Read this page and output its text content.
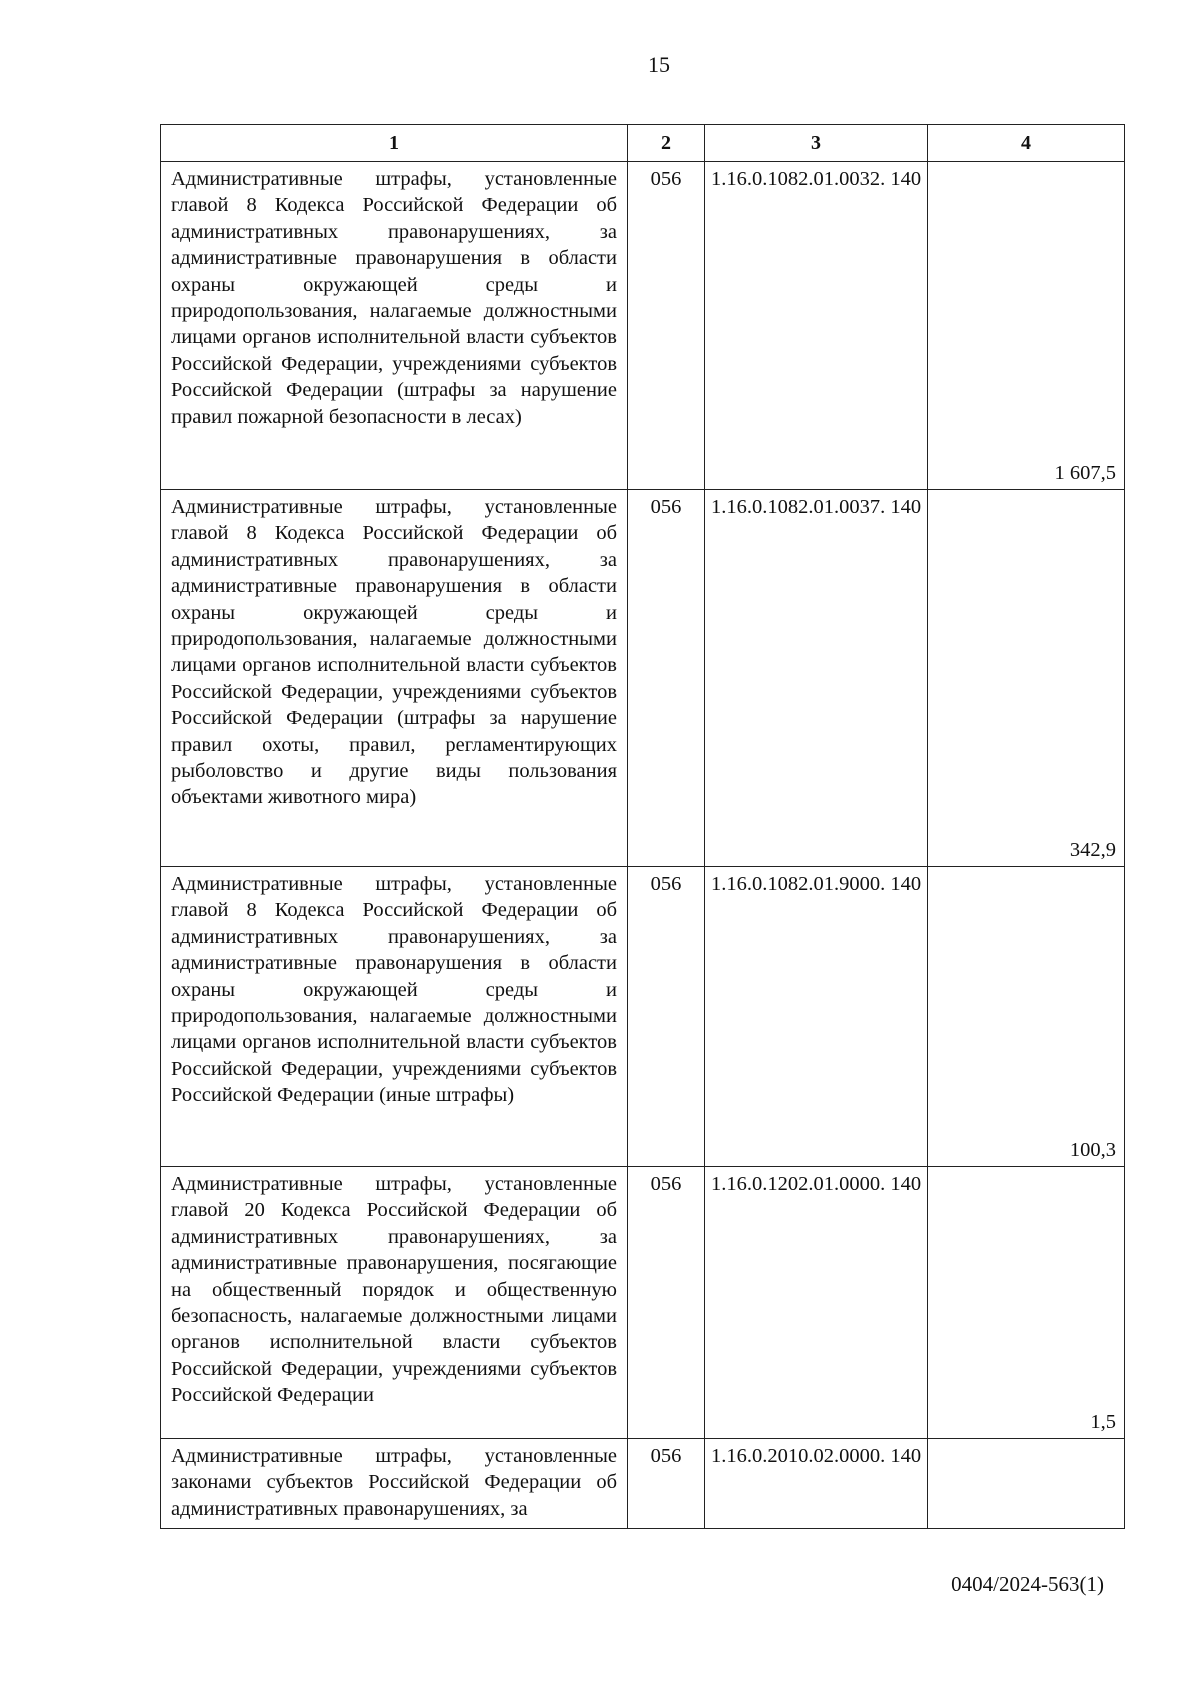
15
1	2	3	4
Административные штрафы, установленные главой 8 Кодекса Российской Федерации об административных правонарушениях, за административные правонарушения в области охраны окружающей среды и природопользования, налагаемые должностными лицами органов исполнительной власти субъектов Российской Федерации, учреждениями субъектов Российской Федерации (штрафы за нарушение правил пожарной безопасности в лесах)	056	1.16.0.1082.01.0032. 140	1 607,5

Административные штрафы, установленные главой 8 Кодекса Российской Федерации об административных правонарушениях, за административные правонарушения в области охраны окружающей среды и природопользования, налагаемые должностными лицами органов исполнительной власти субъектов Российской Федерации, учреждениями субъектов Российской Федерации (штрафы за нарушение правил охоты, правил, регламентирующих рыболовство и другие виды пользования объектами животного мира)	056	1.16.0.1082.01.0037. 140	342,9

Административные штрафы, установленные главой 8 Кодекса Российской Федерации об административных правонарушениях, за административные правонарушения в области охраны окружающей среды и природопользования, налагаемые должностными лицами органов исполнительной власти субъектов Российской Федерации, учреждениями субъектов Российской Федерации (иные штрафы)	056	1.16.0.1082.01.9000. 140	100,3

Административные штрафы, установленные главой 20 Кодекса Российской Федерации об административных правонарушениях, за административные правонарушения, посягающие на общественный порядок и общественную безопасность, налагаемые должностными лицами органов исполнительной власти субъектов Российской Федерации, учреждениями субъектов Российской Федерации	056	1.16.0.1202.01.0000. 140	1,5

Административные штрафы, установленные законами субъектов Российской Федерации об административных правонарушениях, за	056	1.16.0.2010.02.0000. 140	
0404/2024-563(1)
